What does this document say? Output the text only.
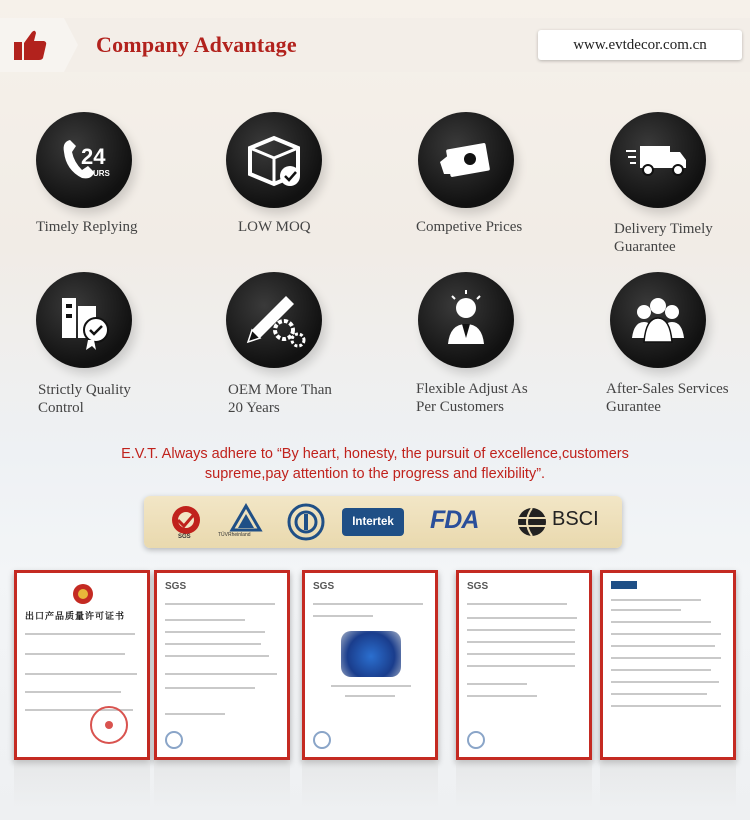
Company Advantage	www.evtdecor.com.cn
24
HOURS
Timely Replying	LOW MOQ	Competive Prices	Delivery Timely
Guarantee
Strictly Quality
Control
OEM More Than
20 Years
Flexible Adjust As
Per Customers
After-Sales Services
Gurantee
E.V.T. Always adhere to “By heart, honesty, the pursuit of excellence,customers
supreme,pay attention to the progress and flexibility”.
SGS	TÜVRheinland
Intertek	FDA	BSCI
出口产品质量许可证书
SGS	SGS	SGS
